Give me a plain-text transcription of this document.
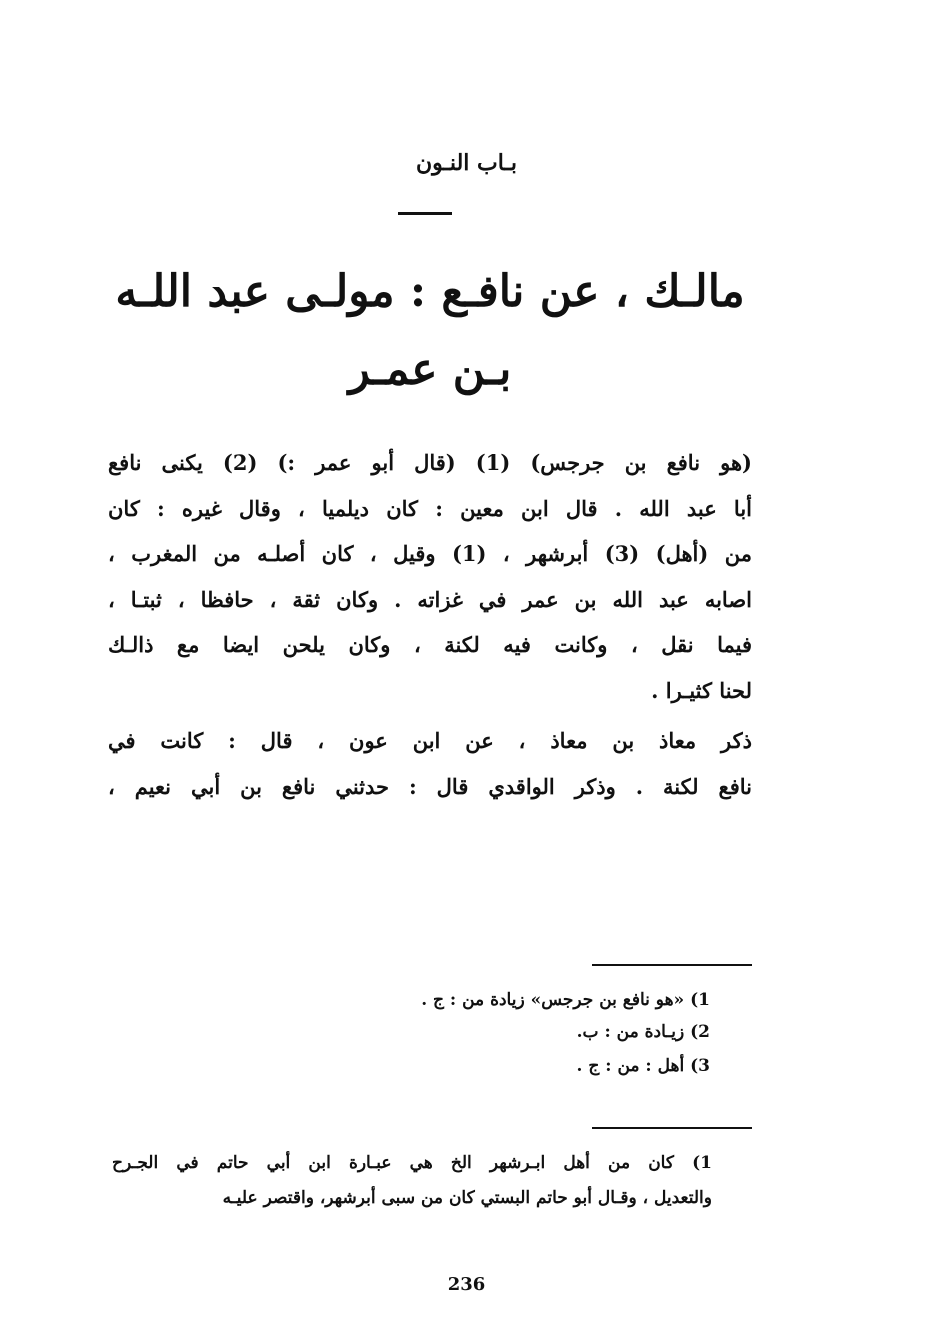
بـاب النـون
مالـك ، عن نافـع : مولـى عبد اللـه
بـن عمـر
(هو نافع بن جرجس) (1) (قال أبو عمر :) (2) يكنى نافع
أبا عبد الله . قال ابن معين : كان ديلميا ، وقال غيره : كان
من (أهل) (3) أبرشهر ، (1) وقيل ، كان أصلـه من المغرب ،
اصابه عبد الله بن عمر في غزاته . وكان ثقة ، حافظا ، ثبتـا ،
فيما نقل ، وكانت فيه لكنة ، وكان يلحن ايضا مع ذالـك
لحنا كثيـرا .
ذكر معاذ بن معاذ ، عن ابن عون ، قال : كانت في
نافع لكنة . وذكر الواقدي قال : حدثني نافع بن أبي نعيم ،
1) «هو نافع بن جرجس» زيادة من : ج .
2) زيـادة من : ب.
3) أهل : من : ج .
1) كان من أهل ابـرشهر الخ هي عبـارة ابن أبي حاتم في الجـرح
والتعديل ، وقـال أبو حاتم البستي كان من سبى أبرشهر، واقتصر عليـه
236
